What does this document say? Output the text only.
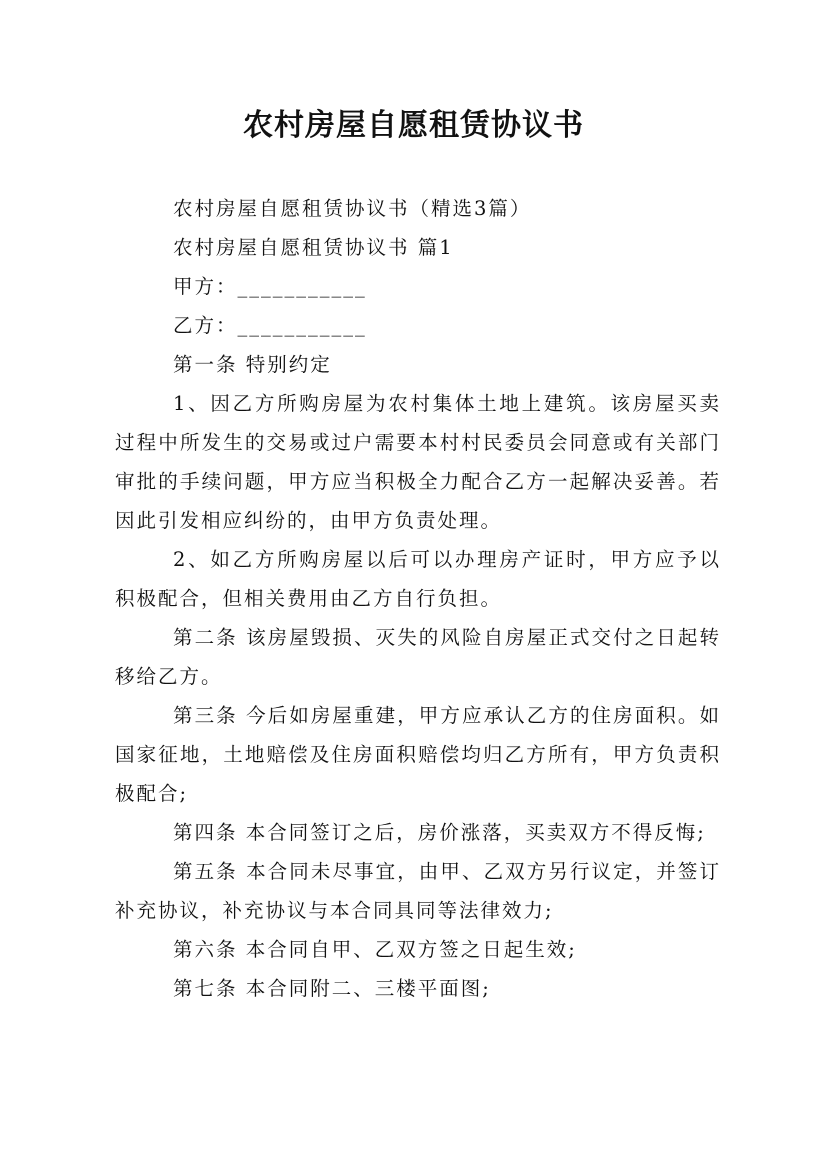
农村房屋自愿租赁协议书

农村房屋自愿租赁协议书（精选3篇）

农村房屋自愿租赁协议书 篇1

甲方：___________

乙方：___________

第一条 特别约定

1、因乙方所购房屋为农村集体土地上建筑。该房屋买卖过程中所发生的交易或过户需要本村村民委员会同意或有关部门审批的手续问题，甲方应当积极全力配合乙方一起解决妥善。若因此引发相应纠纷的，由甲方负责处理。

2、如乙方所购房屋以后可以办理房产证时，甲方应予以积极配合，但相关费用由乙方自行负担。

第二条 该房屋毁损、灭失的风险自房屋正式交付之日起转移给乙方。

第三条 今后如房屋重建，甲方应承认乙方的住房面积。如国家征地，土地赔偿及住房面积赔偿均归乙方所有，甲方负责积极配合;

第四条 本合同签订之后，房价涨落，买卖双方不得反悔;

第五条 本合同未尽事宜，由甲、乙双方另行议定，并签订补充协议，补充协议与本合同具同等法律效力;

第六条 本合同自甲、乙双方签之日起生效;

第七条 本合同附二、三楼平面图;
